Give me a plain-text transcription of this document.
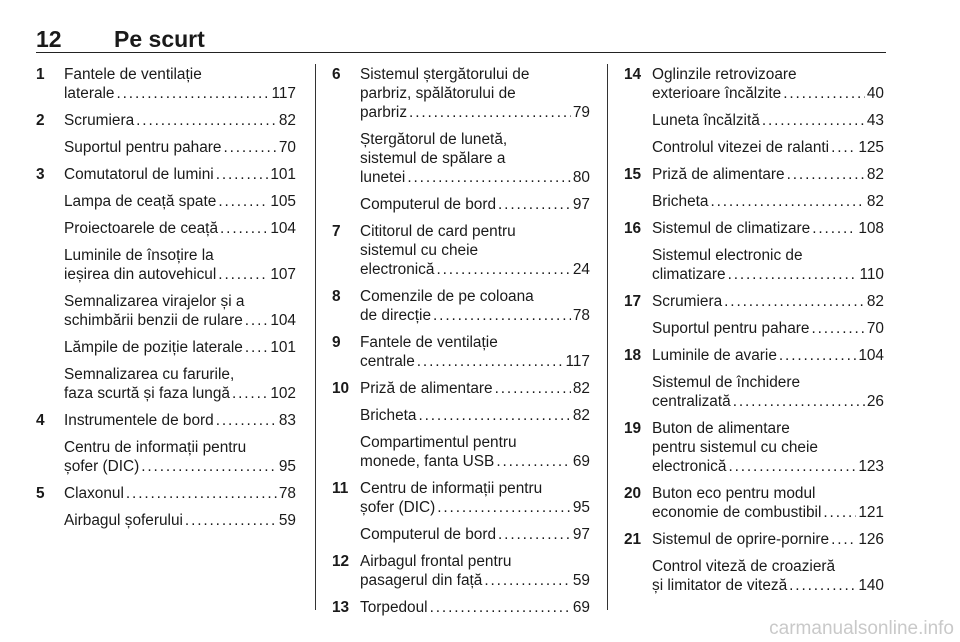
12 Pe scurt
1 Fantele de ventilație
laterale . . .	117
2 Scrumiera . . .	82
Suportul pentru pahare . . .	70
3 Comutatorul de lumini . . .	101
Lampa de ceață spate . . .	105
Proiectoarele de ceață . . .	104
Luminile de însoțire la
ieșirea din autovehicul . . .	107
Semnalizarea virajelor și a
schimbării benzii de rulare . . . 104
Lămpile de poziție laterale . . . 101
Semnalizarea cu farurile,
faza scurtă și faza lungă . . .	102
4 Instrumentele de bord . . .	83
Centru de informații pentru
șofer (DIC) . . .	95
5 Claxonul . . .	78
Airbagul șoferului . . .	59
6 Sistemul ștergătorului de
parbriz, spălătorului de
parbriz . . .	79
Ștergătorul de lunetă,
sistemul de spălare a
lunetei . . .	80
Computerul de bord . . .	97
7 Cititorul de card pentru
sistemul cu cheie
electronică . . .	24
8 Comenzile de pe coloana
de direcție . . .	78
9 Fantele de ventilație
centrale . . .	117
10 Priză de alimentare . . .	82
Bricheta . . .	82
Compartimentul pentru
monede, fanta USB . . .	69
11 Centru de informații pentru
șofer (DIC) . . .	95
Computerul de bord . . .	97
12 Airbagul frontal pentru
pasagerul din față . . .	59
13 Torpedoul . . .	69
14 Oglinzile retrovizoare
exterioare încălzite . . .	40
Luneta încălzită . . .	43
Controlul vitezei de ralanti . . . 125
15 Priză de alimentare . . .	82
Bricheta . . .	82
16 Sistemul de climatizare . . .	108
Sistemul electronic de
climatizare . . .	110
17 Scrumiera . . .	82
Suportul pentru pahare . . .	70
18 Luminile de avarie . . .	104
Sistemul de închidere
centralizată . . .	26
19 Buton de alimentare
pentru sistemul cu cheie
electronică . . .	123
20 Buton eco pentru modul
economie de combustibil . . . 121
21 Sistemul de oprire-pornire . . . 126
Control viteză de croazieră
și limitator de viteză . . .	140
carmanualsonline.info
